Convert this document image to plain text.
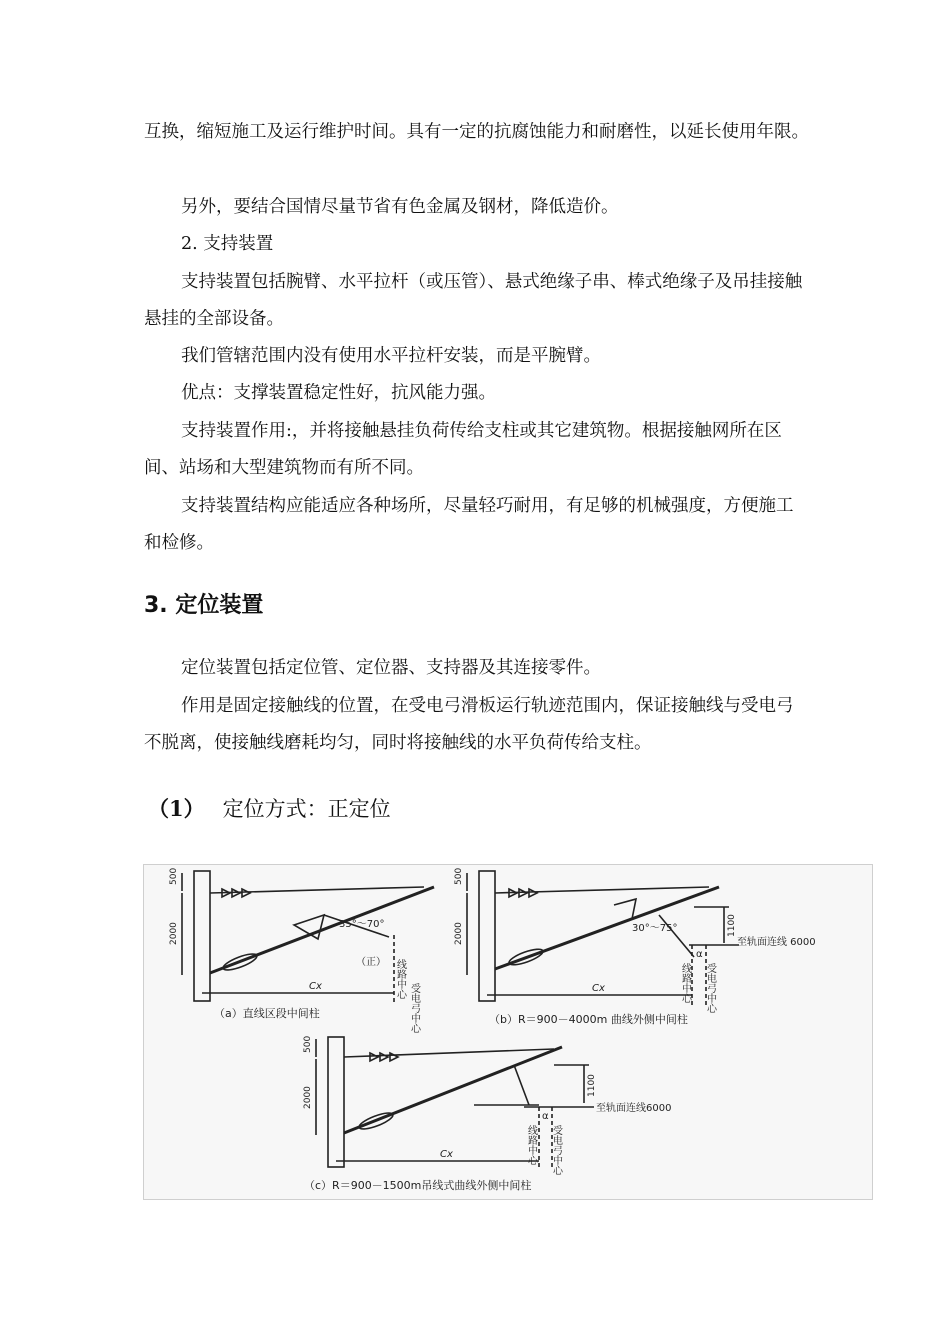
互换，缩短施工及运行维护时间。具有一定的抗腐蚀能力和耐磨性，以延长使用年限。

另外，要结合国情尽量节省有色金属及钢材，降低造价。

2. 支持装置

支持装置包括腕臂、水平拉杆（或压管）、悬式绝缘子串、棒式绝缘子及吊挂接触悬挂的全部设备。

我们管辖范围内没有使用水平拉杆安装，而是平腕臂。

优点：支撑装置稳定性好，抗风能力强。

支持装置作用:，并将接触悬挂负荷传给支柱或其它建筑物。根据接触网所在区间、站场和大型建筑物而有所不同。

支持装置结构应能适应各种场所，尽量轻巧耐用，有足够的机械强度，方便施工和检修。

3. 定位装置

定位装置包括定位管、定位器、支持器及其连接零件。

作用是固定接触线的位置，在受电弓滑板运行轨迹范围内，保证接触线与受电弓不脱离，使接触线磨耗均匀，同时将接触线的水平负荷传给支柱。

（1） 定位方式：正定位

500
2000	35°～70°
（正） 线路中心
受电弓中心
Cx
（a）直线区段中间柱
500
2000	1100
30°～75°
至轨面连线 6000
α
线路中心 受电弓中心
Cx
（b）R＝900－4000m 曲线外侧中间柱
500
2000
1100
至轨面连线6000
α
线路中心 受电弓中心
Cx
（c）R＝900－1500m吊线式曲线外侧中间柱
